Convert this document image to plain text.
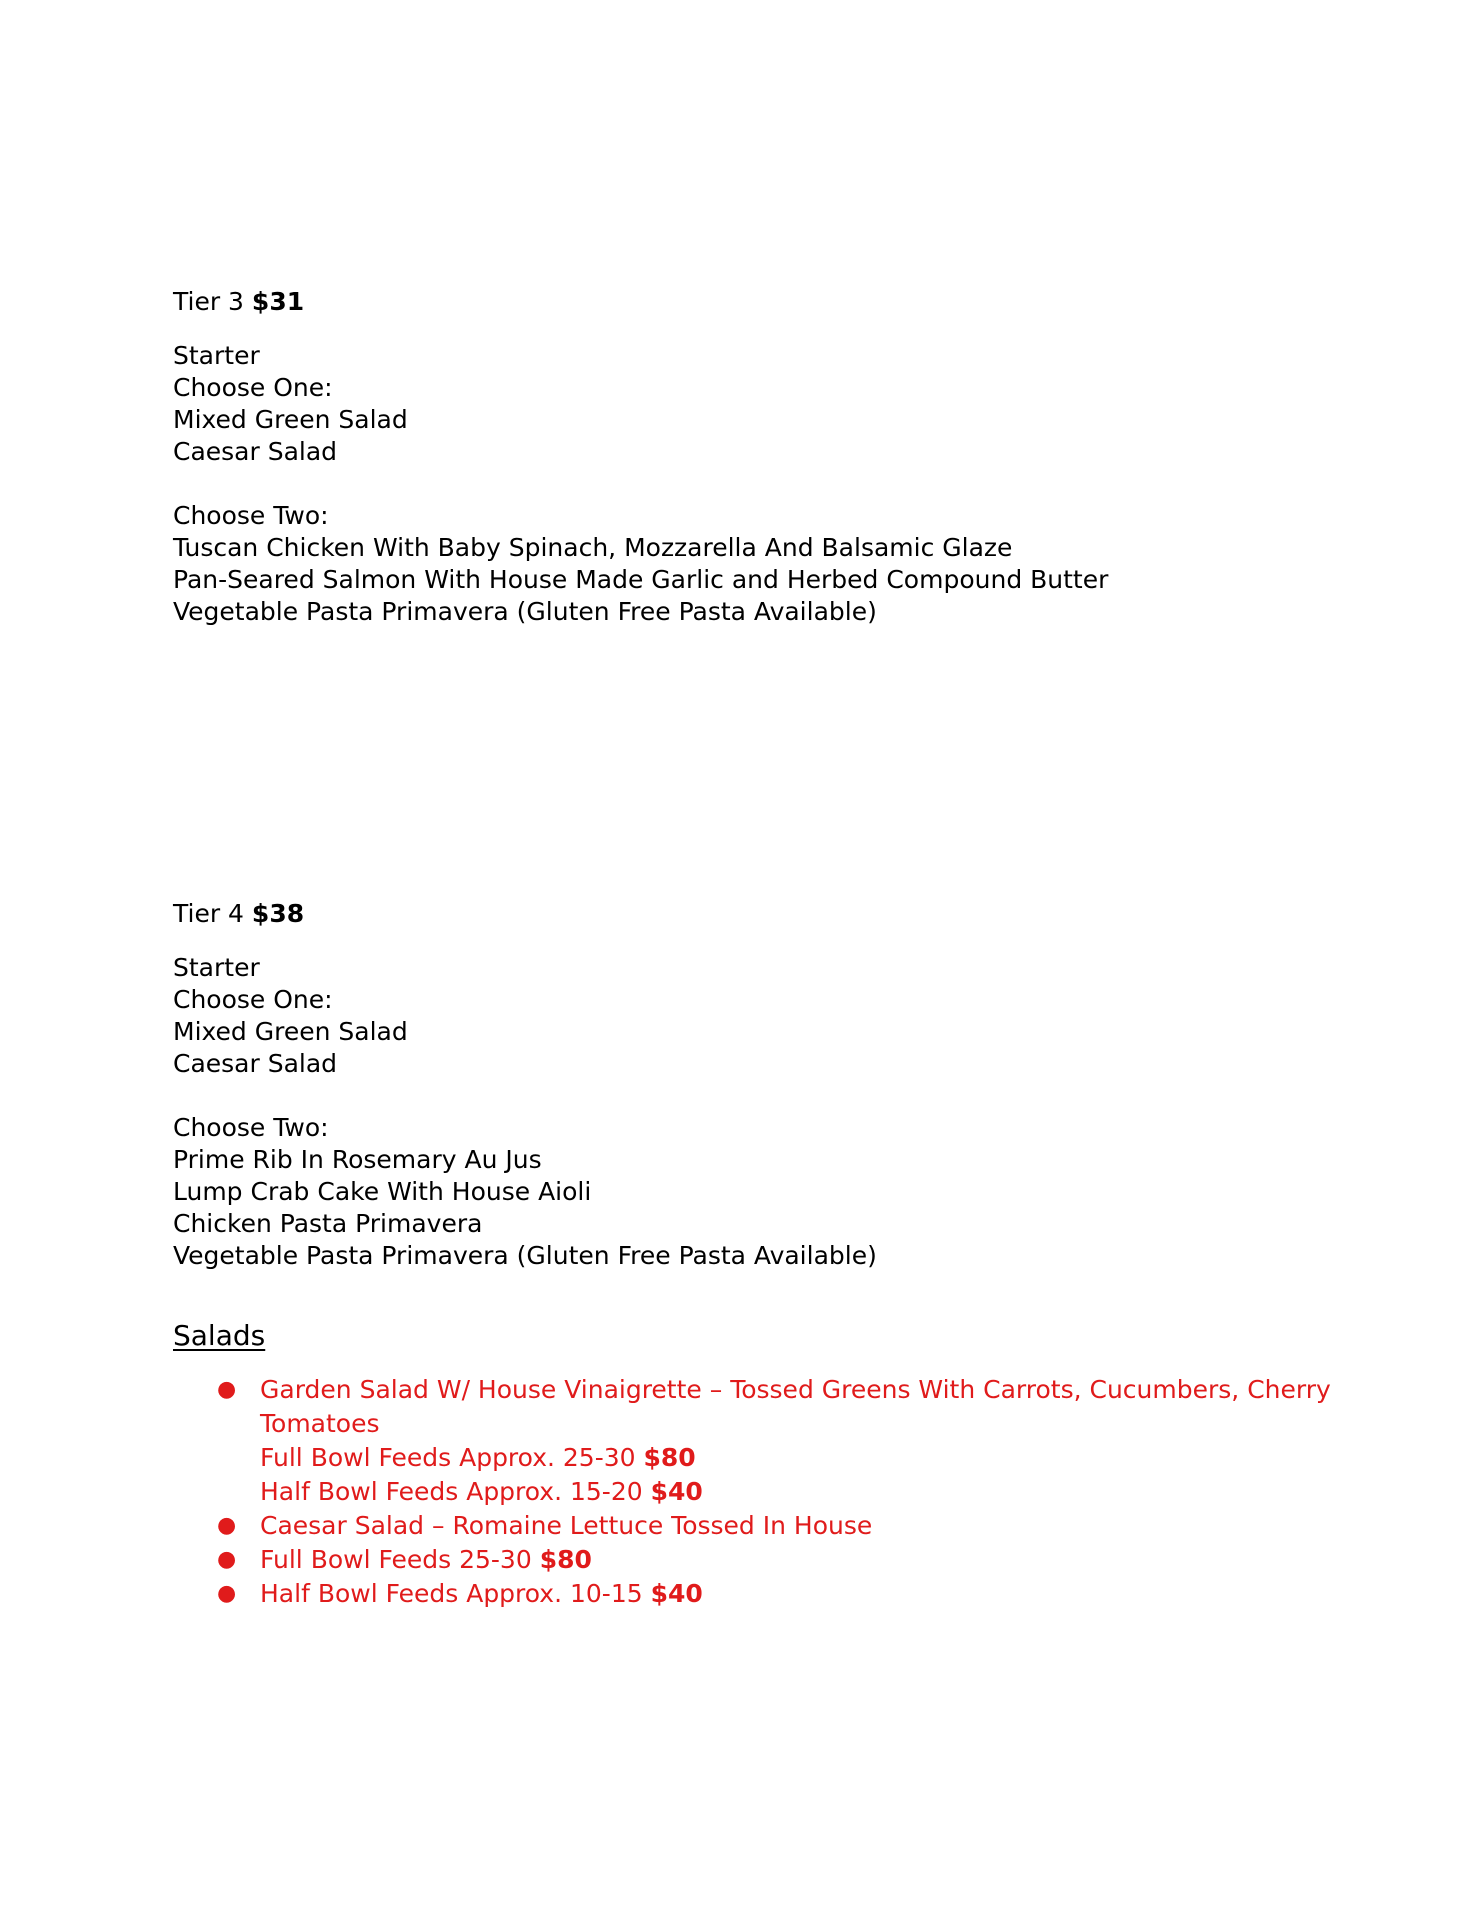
Tier 3 $31
Starter
Choose One:
Mixed Green Salad
Caesar Salad
Choose Two:
Tuscan Chicken With Baby Spinach, Mozzarella And Balsamic Glaze
Pan-Seared Salmon With House Made Garlic and Herbed Compound Butter
Vegetable Pasta Primavera (Gluten Free Pasta Available)
Tier 4 $38
Starter
Choose One:
Mixed Green Salad
Caesar Salad
Choose Two:
Prime Rib In Rosemary Au Jus
Lump Crab Cake With House Aioli
Chicken Pasta Primavera
Vegetable Pasta Primavera (Gluten Free Pasta Available)
Salads
● Garden Salad W/ House Vinaigrette – Tossed Greens With Carrots, Cucumbers, Cherry Tomatoes
Full Bowl Feeds Approx. 25-30 $80
Half Bowl Feeds Approx. 15-20 $40
● Caesar Salad – Romaine Lettuce Tossed In House
● Full Bowl Feeds 25-30 $80
● Half Bowl Feeds Approx. 10-15 $40
